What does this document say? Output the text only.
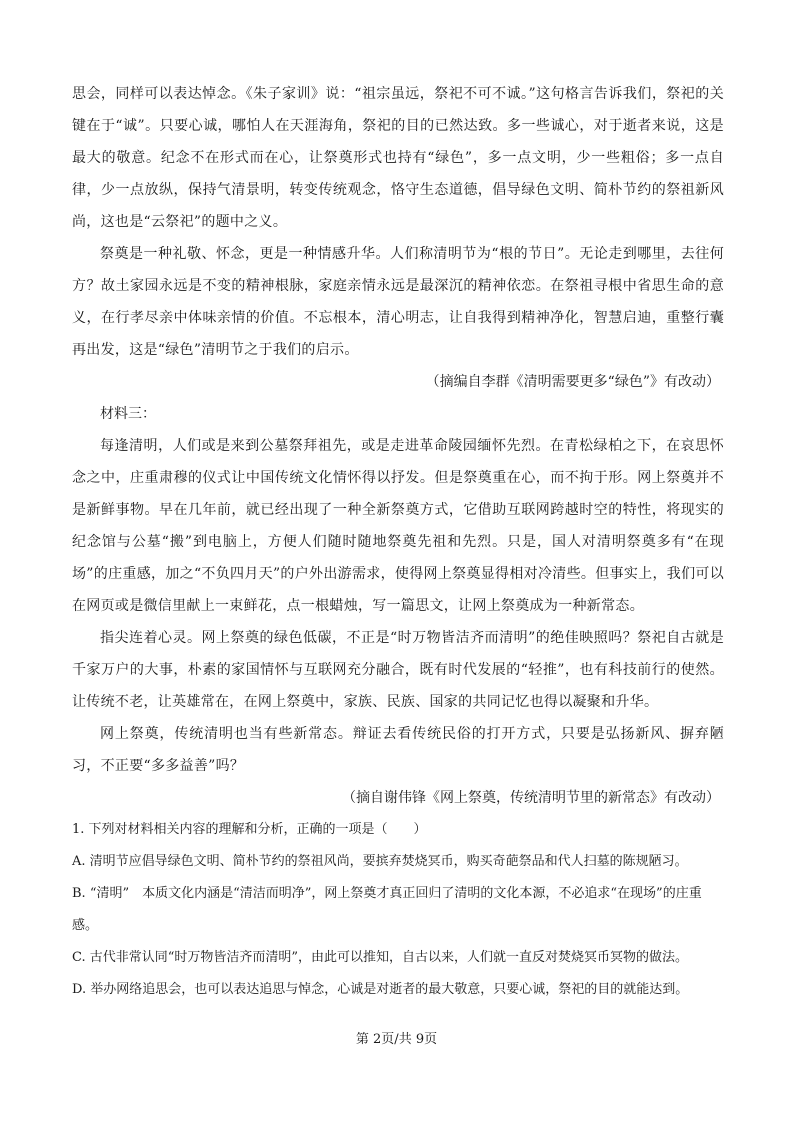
思会，同样可以表达悼念。《朱子家训》说：“祖宗虽远，祭祀不可不诚。”这句格言告诉我们，祭祀的关键在于“诚”。只要心诚，哪怕人在天涯海角，祭祀的目的已然达致。多一些诚心，对于逝者来说，这是最大的敬意。纪念不在形式而在心，让祭奠形式也持有“绿色”，多一点文明，少一些粗俗；多一点自律，少一点放纵，保持气清景明，转变传统观念，恪守生态道德，倡导绿色文明、简朴节约的祭祖新风尚，这也是“云祭祀”的题中之义。

祭奠是一种礼敬、怀念，更是一种情感升华。人们称清明节为“根的节日”。无论走到哪里，去往何方？故土家园永远是不变的精神根脉，家庭亲情永远是最深沉的精神依恋。在祭祖寻根中省思生命的意义，在行孝尽亲中体味亲情的价值。不忘根本，清心明志，让自我得到精神净化，智慧启迪，重整行囊再出发，这是“绿色”清明节之于我们的启示。

（摘编自李群《清明需要更多“绿色”》有改动）

材料三：

每逢清明，人们或是来到公墓祭拜祖先，或是走进革命陵园缅怀先烈。在青松绿柏之下，在哀思怀念之中，庄重肃穆的仪式让中国传统文化情怀得以抒发。但是祭奠重在心，而不拘于形。网上祭奠并不是新鲜事物。早在几年前，就已经出现了一种全新祭奠方式，它借助互联网跨越时空的特性，将现实的纪念馆与公墓“搬”到电脑上，方便人们随时随地祭奠先祖和先烈。只是，国人对清明祭奠多有“在现场”的庄重感，加之“不负四月天”的户外出游需求，使得网上祭奠显得相对冷清些。但事实上，我们可以在网页或是微信里献上一束鲜花，点一根蜡烛，写一篇思文，让网上祭奠成为一种新常态。

指尖连着心灵。网上祭奠的绿色低碳，不正是“时万物皆洁齐而清明”的绝佳映照吗？祭祀自古就是千家万户的大事，朴素的家国情怀与互联网充分融合，既有时代发展的“轻推”，也有科技前行的使然。让传统不老，让英雄常在，在网上祭奠中，家族、民族、国家的共同记忆也得以凝聚和升华。

网上祭奠，传统清明也当有些新常态。辩证去看传统民俗的打开方式，只要是弘扬新风、摒弃陋习，不正要“多多益善”吗？

（摘自谢伟锋《网上祭奠，传统清明节里的新常态》有改动）

1. 下列对材料相关内容的理解和分析，正确的一项是（　　）

A. 清明节应倡导绿色文明、简朴节约的祭祖风尚，要摈弃焚烧冥币，购买奇葩祭品和代人扫墓的陈规陋习。

B. “清明”　本质文化内涵是“清洁而明净”，网上祭奠才真正回归了清明的文化本源，不必追求“在现场”的庄重感。

C. 古代非常认同“时万物皆洁齐而清明”，由此可以推知，自古以来，人们就一直反对焚烧冥币冥物的做法。

D. 举办网络追思会，也可以表达追思与悼念，心诚是对逝者的最大敬意，只要心诚，祭祀的目的就能达到。

第 2页/共 9页
